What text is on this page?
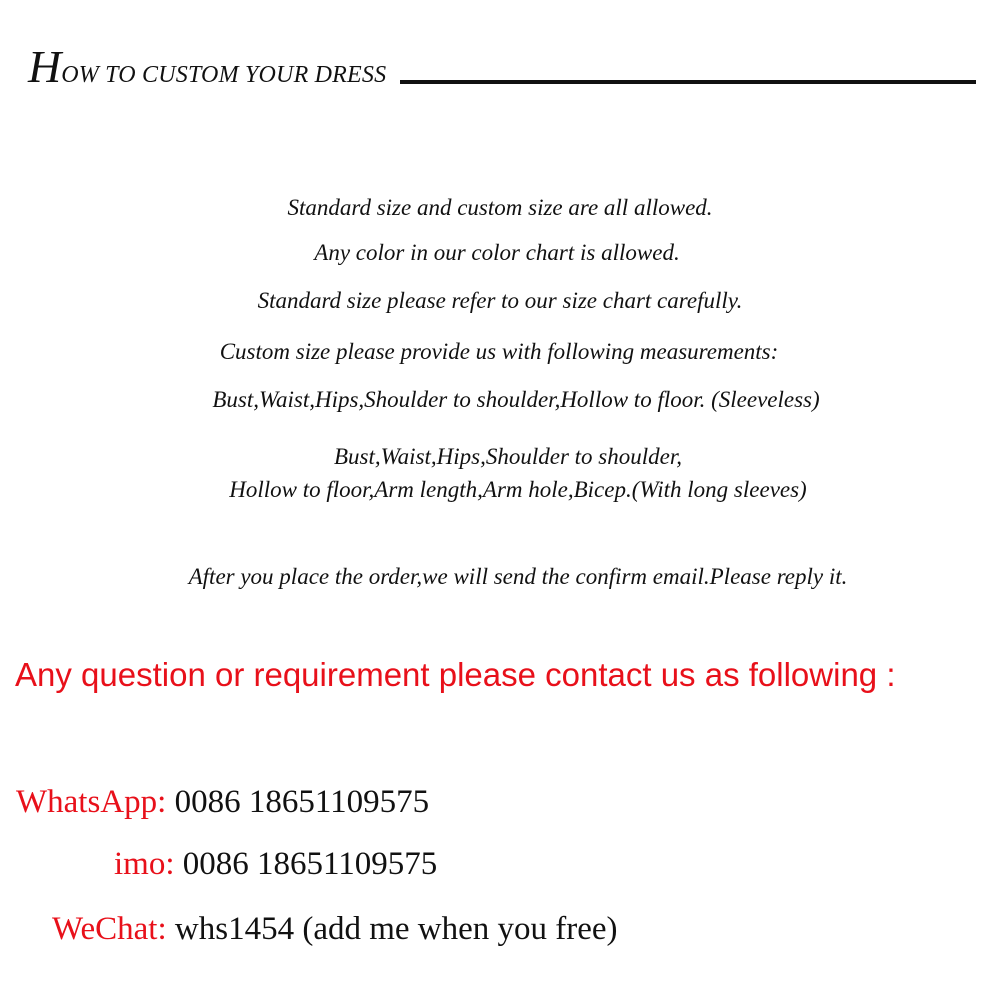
HOW TO CUSTOM YOUR DRESS
Standard size and custom size are all allowed.
Any color in our color chart is allowed.
Standard size please refer to our size chart carefully.
Custom size please provide us with following measurements:
Bust,Waist,Hips,Shoulder to shoulder,Hollow to floor. (Sleeveless)
Bust,Waist,Hips,Shoulder to shoulder,
Hollow to floor,Arm length,Arm hole,Bicep.(With long sleeves)
After you place the order,we will send the confirm email.Please reply it.
Any question or requirement please contact us as following :
WhatsApp: 0086 18651109575
imo: 0086 18651109575
WeChat: whs1454 (add me when you free)
